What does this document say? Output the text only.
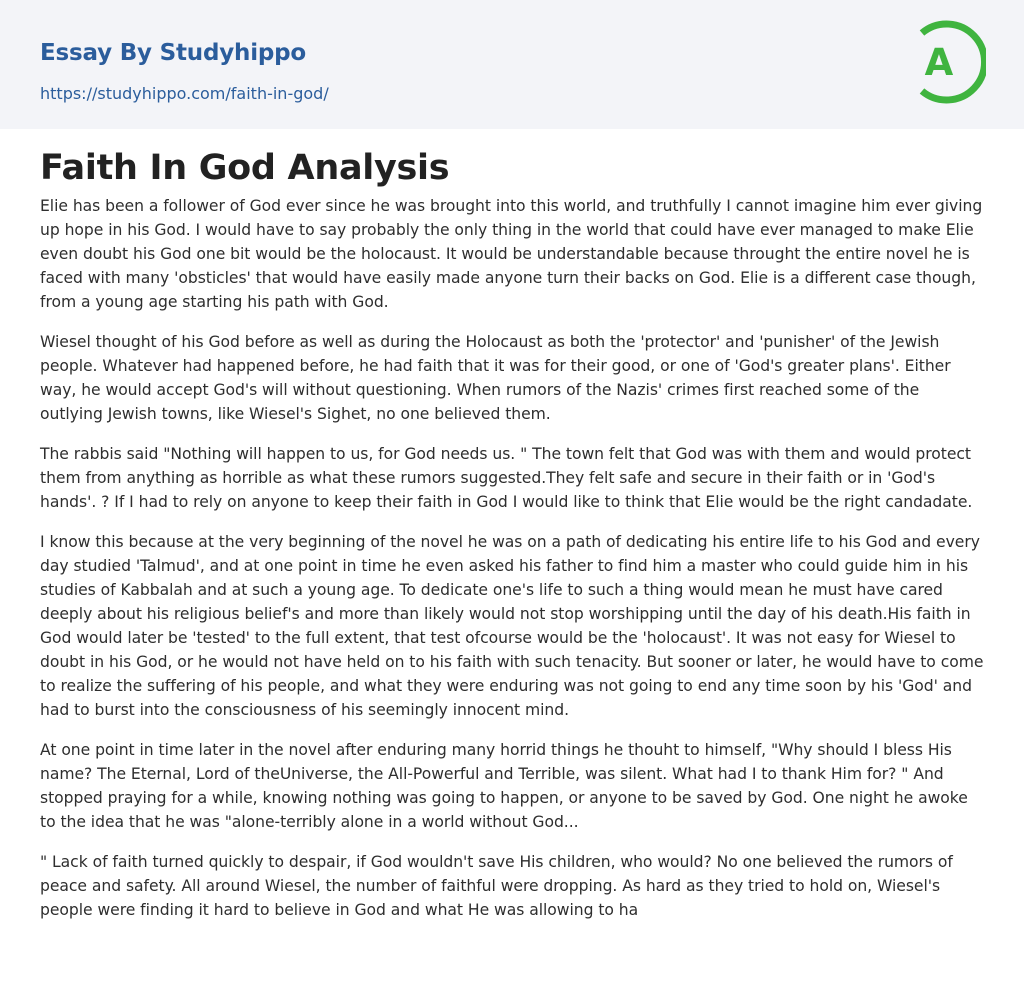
Essay By Studyhippo
https://studyhippo.com/faith-in-god/
A
Faith In God Analysis

Elie has been a follower of God ever since he was brought into this world, and truthfully I cannot imagine him ever giving up hope in his God. I would have to say probably the only thing in the world that could have ever managed to make Elie even doubt his God one bit would be the holocaust. It would be understandable because throught the entire novel he is faced with many 'obsticles' that would have easily made anyone turn their backs on God. Elie is a different case though, from a young age starting his path with God.

Wiesel thought of his God before as well as during the Holocaust as both the 'protector' and 'punisher' of the Jewish people. Whatever had happened before, he had faith that it was for their good, or one of 'God's greater plans'. Either way, he would accept God's will without questioning. When rumors of the Nazis' crimes first reached some of the outlying Jewish towns, like Wiesel's Sighet, no one believed them.

The rabbis said "Nothing will happen to us, for God needs us. " The town felt that God was with them and would protect them from anything as horrible as what these rumors suggested.They felt safe and secure in their faith or in 'God's hands'. ? If I had to rely on anyone to keep their faith in God I would like to think that Elie would be the right candadate.

I know this because at the very beginning of the novel he was on a path of dedicating his entire life to his God and every day studied 'Talmud', and at one point in time he even asked his father to find him a master who could guide him in his studies of Kabbalah and at such a young age. To dedicate one's life to such a thing would mean he must have cared deeply about his religious belief's and more than likely would not stop worshipping until the day of his death.His faith in God would later be 'tested' to the full extent, that test ofcourse would be the 'holocaust'. It was not easy for Wiesel to doubt in his God, or he would not have held on to his faith with such tenacity. But sooner or later, he would have to come to realize the suffering of his people, and what they were enduring was not going to end any time soon by his 'God' and had to burst into the consciousness of his seemingly innocent mind.

At one point in time later in the novel after enduring many horrid things he thouht to himself, "Why should I bless His name? The Eternal, Lord of theUniverse, the All-Powerful and Terrible, was silent. What had I to thank Him for? " And stopped praying for a while, knowing nothing was going to happen, or anyone to be saved by God. One night he awoke to the idea that he was "alone-terribly alone in a world without God...

" Lack of faith turned quickly to despair, if God wouldn't save His children, who would? No one believed the rumors of peace and safety. All around Wiesel, the number of faithful were dropping. As hard as they tried to hold on, Wiesel's people were finding it hard to believe in God and what He was allowing to ha
